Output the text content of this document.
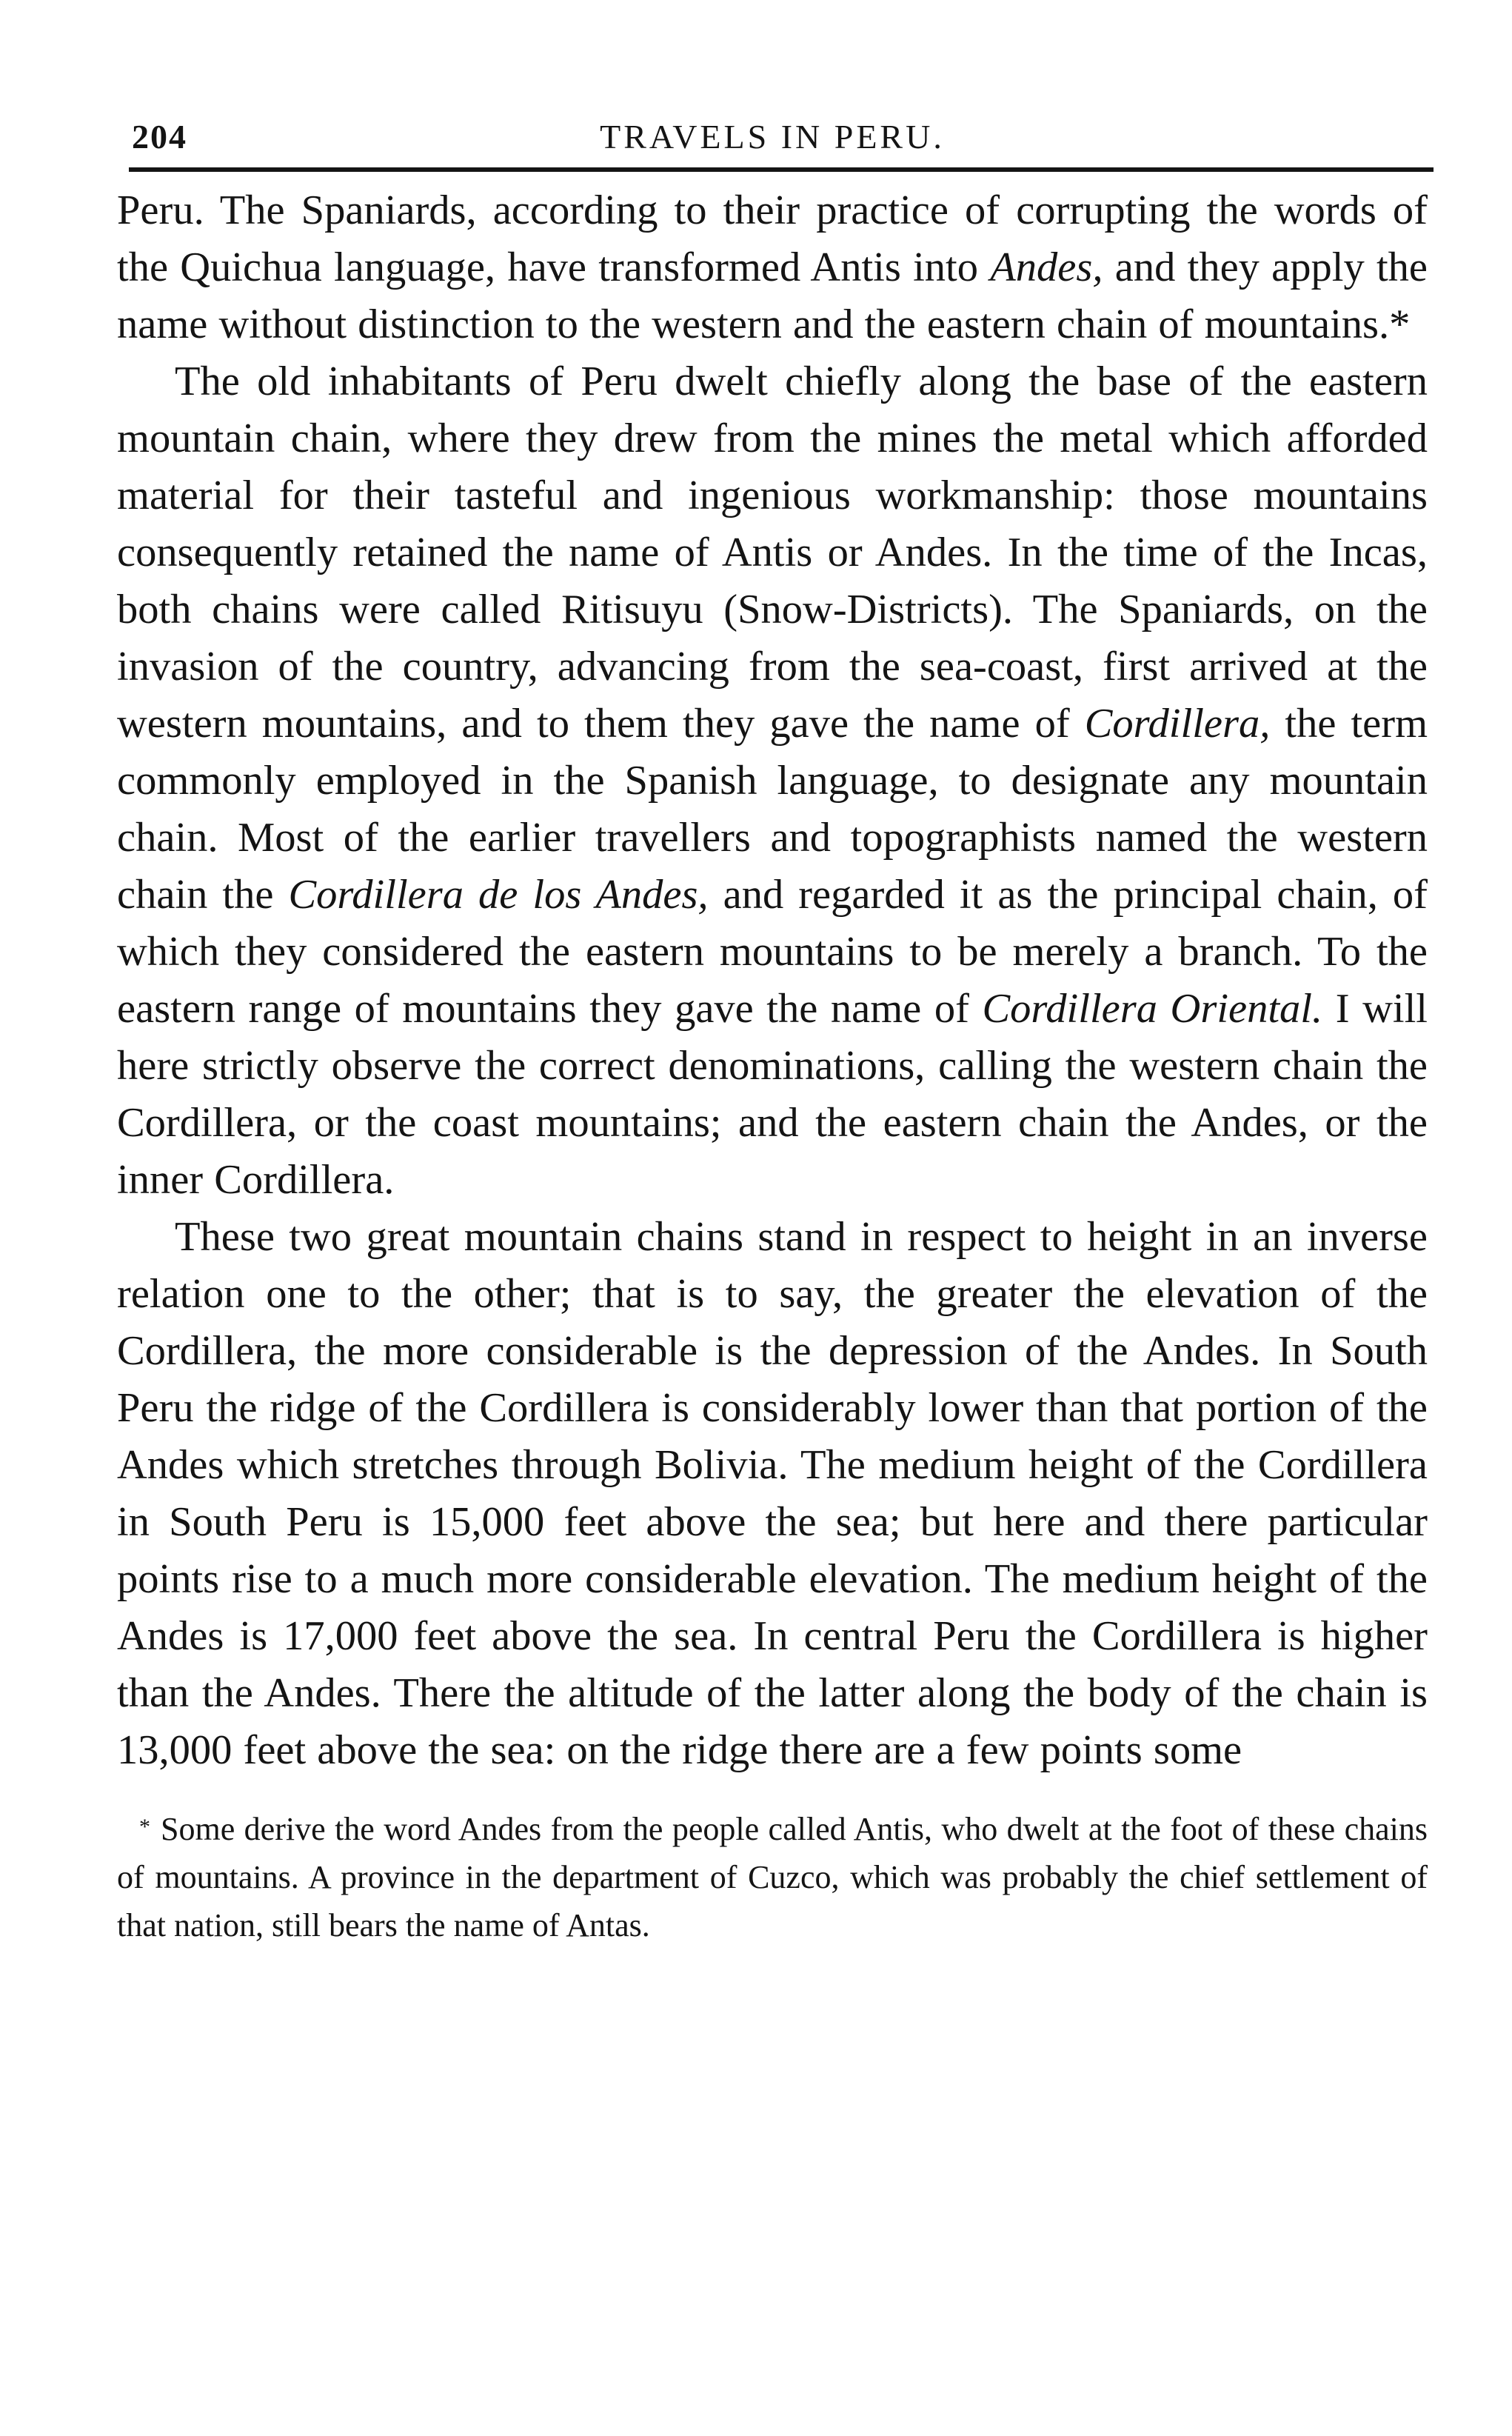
204	TRAVELS IN PERU.

Peru. The Spaniards, according to their practice of corrupting the words of the Quichua language, have transformed Antis into Andes, and they apply the name without distinction to the western and the eastern chain of mountains.*

The old inhabitants of Peru dwelt chiefly along the base of the eastern mountain chain, where they drew from the mines the metal which afforded material for their tasteful and ingenious workmanship: those mountains consequently retained the name of Antis or Andes. In the time of the Incas, both chains were called Ritisuyu (Snow-Districts). The Spaniards, on the invasion of the country, advancing from the sea-coast, first arrived at the western mountains, and to them they gave the name of Cordillera, the term commonly employed in the Spanish language, to designate any mountain chain. Most of the earlier travellers and topographists named the western chain the Cordillera de los Andes, and regarded it as the principal chain, of which they considered the eastern mountains to be merely a branch. To the eastern range of mountains they gave the name of Cordillera Oriental. I will here strictly observe the correct denominations, calling the western chain the Cordillera, or the coast mountains; and the eastern chain the Andes, or the inner Cordillera.

These two great mountain chains stand in respect to height in an inverse relation one to the other; that is to say, the greater the elevation of the Cordillera, the more considerable is the depression of the Andes. In South Peru the ridge of the Cordillera is considerably lower than that portion of the Andes which stretches through Bolivia. The medium height of the Cordillera in South Peru is 15,000 feet above the sea; but here and there particular points rise to a much more considerable elevation. The medium height of the Andes is 17,000 feet above the sea. In central Peru the Cordillera is higher than the Andes. There the altitude of the latter along the body of the chain is 13,000 feet above the sea: on the ridge there are a few points some

* Some derive the word Andes from the people called Antis, who dwelt at the foot of these chains of mountains. A province in the department of Cuzco, which was probably the chief settlement of that nation, still bears the name of Antas.
